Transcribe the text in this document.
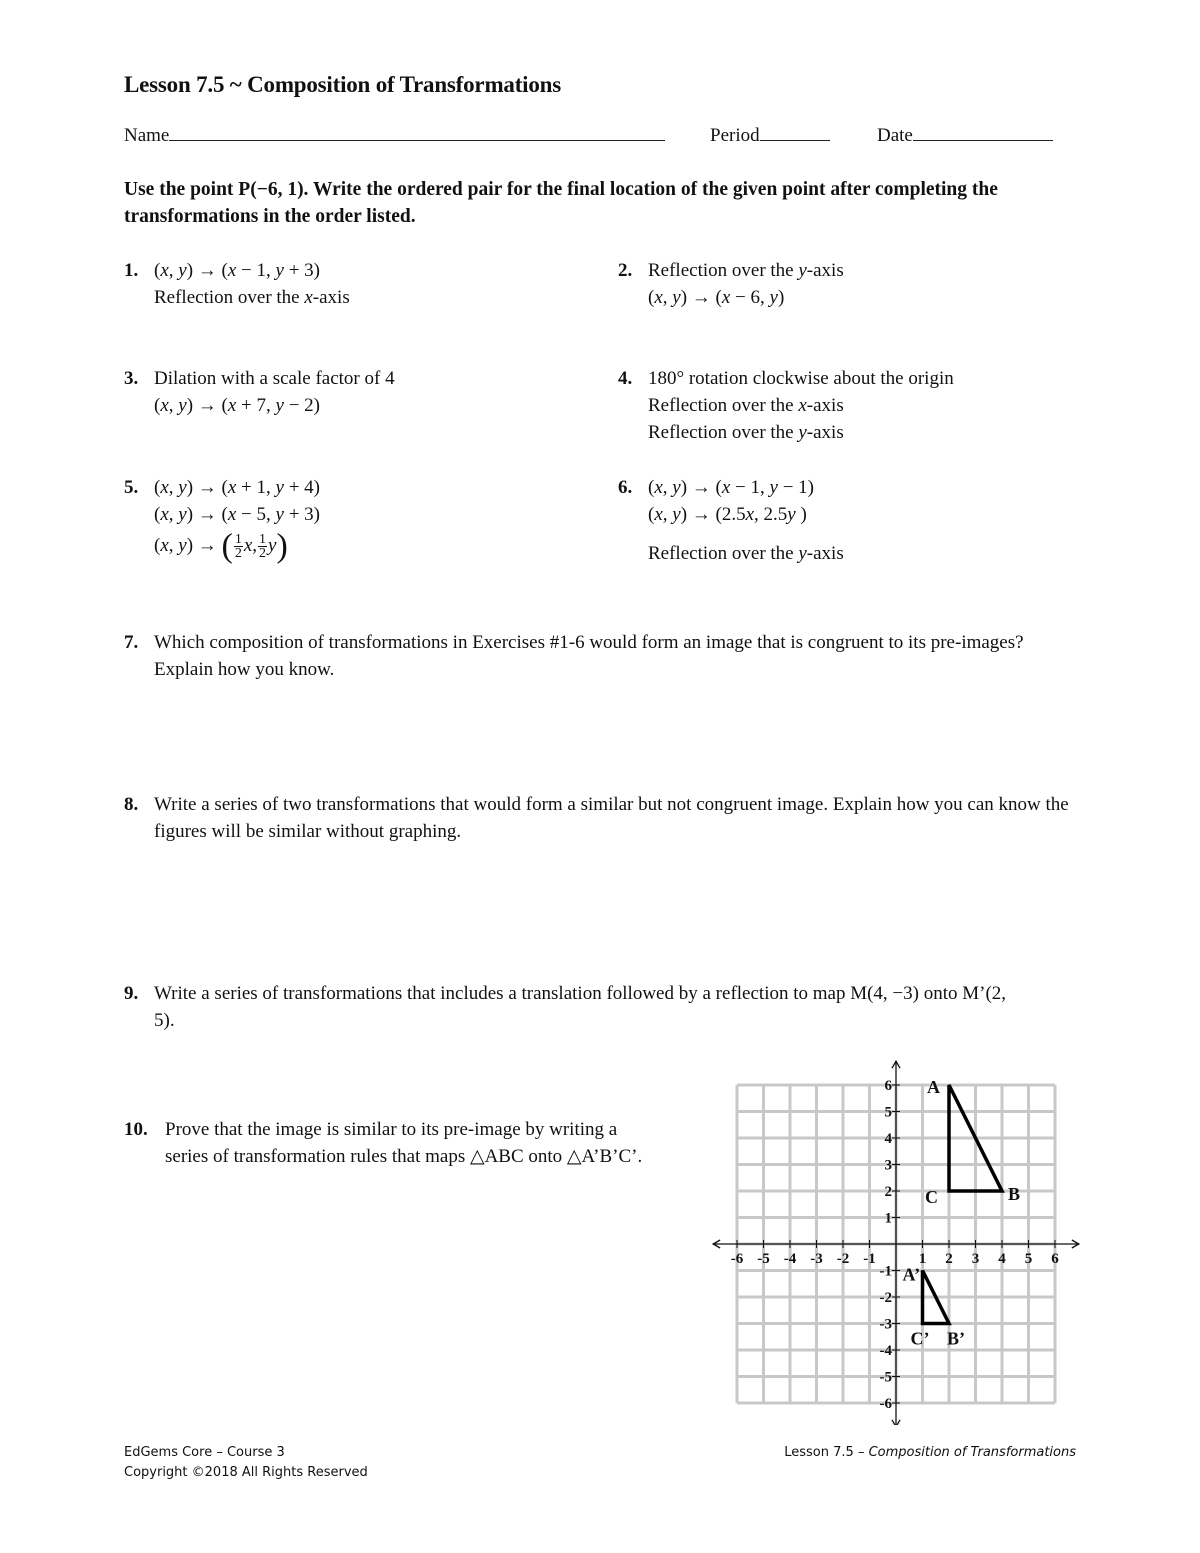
Lesson 7.5 ~ Composition of Transformations
Name	Period	Date
Use the point P(−6, 1). Write the ordered pair for the final location of the given point after completing the transformations in the order listed.
1. (x, y) → (x − 1, y + 3)
Reflection over the x-axis
2. Reflection over the y-axis
(x, y) → (x − 6, y)
3. Dilation with a scale factor of 4
(x, y) → (x + 7, y − 2)
4. 180° rotation clockwise about the origin
Reflection over the x-axis
Reflection over the y-axis
5. (x, y) → (x + 1, y + 4)
(x, y) → (x − 5, y + 3)
(x, y) → ( $\frac{1}{2} x$, $\frac{1}{2} y$)
6. (x, y) → (x − 1, y − 1)
(x, y) → (2.5x, 2.5y )
Reflection over the y-axis
7. Which composition of transformations in Exercises #1-6 would form an image that is congruent to its pre-images? Explain how you know.
8. Write a series of two transformations that would form a similar but not congruent image. Explain how you can know the figures will be similar without graphing.
9. Write a series of transformations that includes a translation followed by a reflection to map M(4, −3) onto M’(2, 5).
10. Prove that the image is similar to its pre-image by writing a series of transformation rules that maps △ABC onto △A’B’C’.
-6 -5 -4 -3 -2 -1	1 2 3 4 5 6
6
5
4
3
2
1
-1
-2
-3
-4
-5
-6
A
B
C
A’
B’
C’
EdGems Core – Course 3
Copyright ©2018 All Rights Reserved
Lesson 7.5 – Composition of Transformations
